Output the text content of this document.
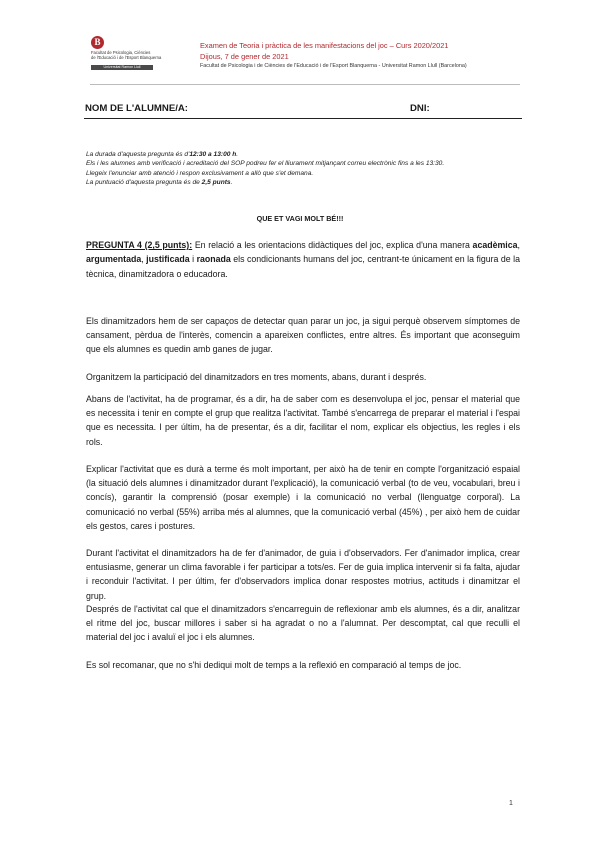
B
Facultat de Psicologia, Ciències
de l'Educació i de l'Esport Blanquerna
Universitat Ramon Llull
Examen de Teoria i pràctica de les manifestacions del joc – Curs 2020/2021
Dijous, 7 de gener de 2021
Facultat de Psicologia i de Ciències de l'Educació i de l'Esport Blanquerna - Universitat Ramon Llull (Barcelona)
NOM DE L'ALUMNE/A:	DNI:

La durada d'aquesta pregunta és d'12:30 a 13:00 h.

Els i les alumnes amb verificació i acreditació del SOP podreu fer el lliurament mitjançant correu electrònic fins a les 13:30.

Llegeix l'enunciar amb atenció i respon exclusivament a allò que s'et demana.

La puntuació d'aquesta pregunta és de 2,5 punts.

QUE ET VAGI MOLT BÉ!!!
PREGUNTA 4 (2,5 punts): En relació a les orientacions didàctiques del joc, explica d'una manera acadèmica, argumentada, justificada i raonada els condicionants humans del joc, centrant-te únicament en la figura de la tècnica, dinamitzadora o educadora.

Els dinamitzadors hem de ser capaços de detectar quan parar un joc, ja sigui perquè observem símptomes de cansament, pèrdua de l'interès, comencin a apareixen conflictes, entre altres. És important que aconseguim que els alumnes es quedin amb ganes de jugar.

Organitzem la participació del dinamitzadors en tres moments, abans, durant i després.

Abans de l'activitat, ha de programar, és a dir, ha de saber com es desenvolupa el joc, pensar el material que es necessita i tenir en compte el grup que realitza l'activitat. També s'encarrega de preparar el material i l'espai que es necessita. I per últim, ha de presentar, és a dir, facilitar el nom, explicar els objectius, les regles i els rols.

Explicar l'activitat que es durà a terme és molt important, per això ha de tenir en compte l'organització espaial (la situació dels alumnes i dinamitzador durant l'explicació), la comunicació verbal (to de veu, vocabulari, breu i concís), garantir la comprensió (posar exemple) i la comunicació no verbal (llenguatge corporal). La comunicació no verbal (55%) arriba més al alumnes, que la comunicació verbal (45%) , per això hem de cuidar els gestos, cares i postures.

Durant l'activitat el dinamitzadors ha de fer d'animador, de guia i d'observadors. Fer d'animador implica, crear entusiasme, generar un clima favorable i fer participar a tots/es. Fer de guia implica intervenir si fa falta, ajudar i reconduir l'activitat. I per últim, fer d'observadors implica donar respostes motrius, actituds i dinamitzar el grup.

Després de l'activitat cal que el dinamitzadors s'encarreguin de reflexionar amb els alumnes, és a dir, analitzar el ritme del joc, buscar millores i saber si ha agradat o no a l'alumnat. Per descomptat, cal que reculli el material del joc i avaluï el joc i els alumnes.

Es sol recomanar, que no s'hi dediqui molt de temps a la reflexió en comparació al temps de joc.

1
